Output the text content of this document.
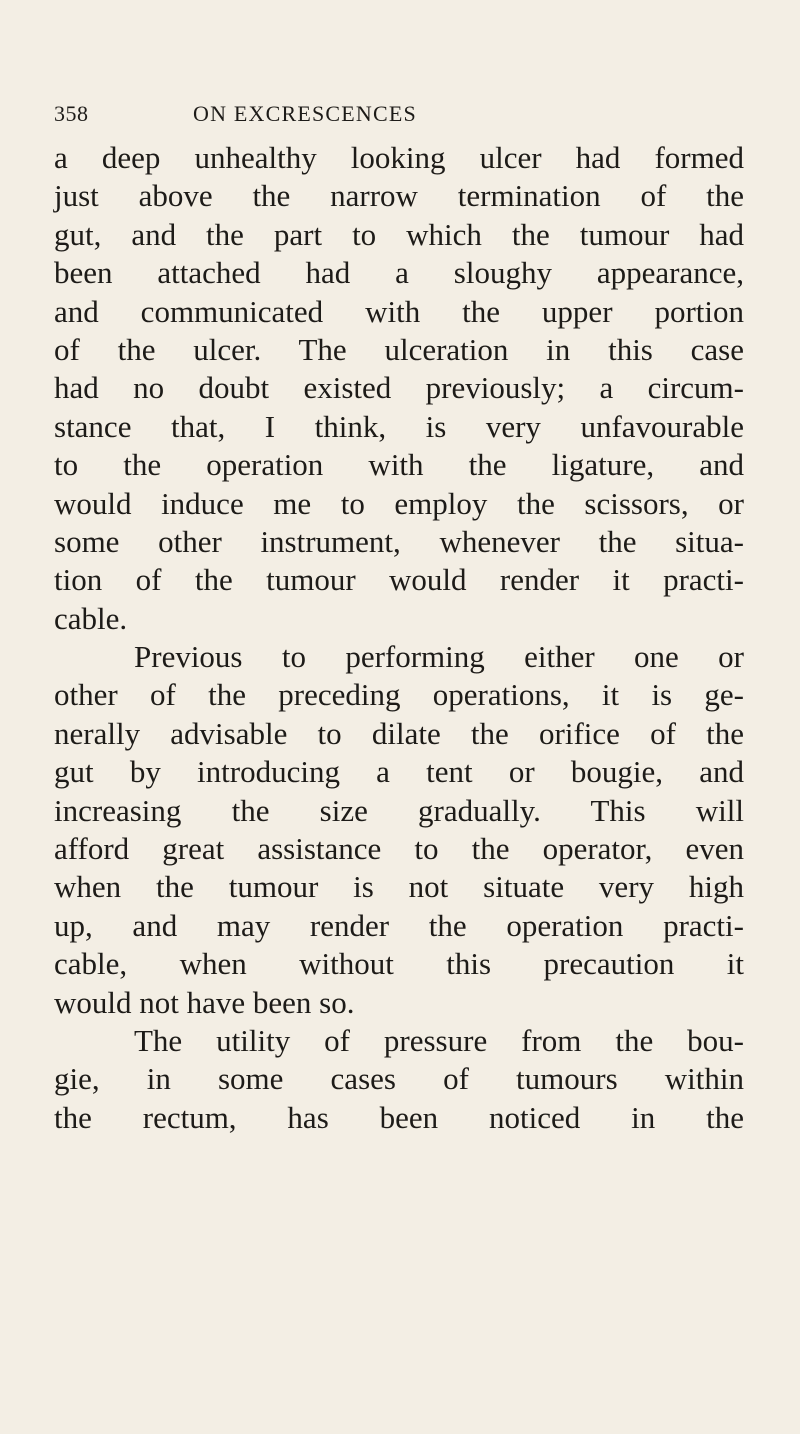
358	ON EXCRESCENCES
a deep unhealthy looking ulcer had formed
just above the narrow termination of the
gut, and the part to which the tumour had
been attached had a sloughy appearance,
and communicated with the upper portion
of the ulcer. The ulceration in this case
had no doubt existed previously; a circum-
stance that, I think, is very unfavourable
to the operation with the ligature, and
would induce me to employ the scissors, or
some other instrument, whenever the situa-
tion of the tumour would render it practi-
cable.
Previous to performing either one or
other of the preceding operations, it is ge-
nerally advisable to dilate the orifice of the
gut by introducing a tent or bougie, and
increasing the size gradually. This will
afford great assistance to the operator, even
when the tumour is not situate very high
up, and may render the operation practi-
cable, when without this precaution it
would not have been so.
The utility of pressure from the bou-
gie, in some cases of tumours within
the rectum, has been noticed in the
